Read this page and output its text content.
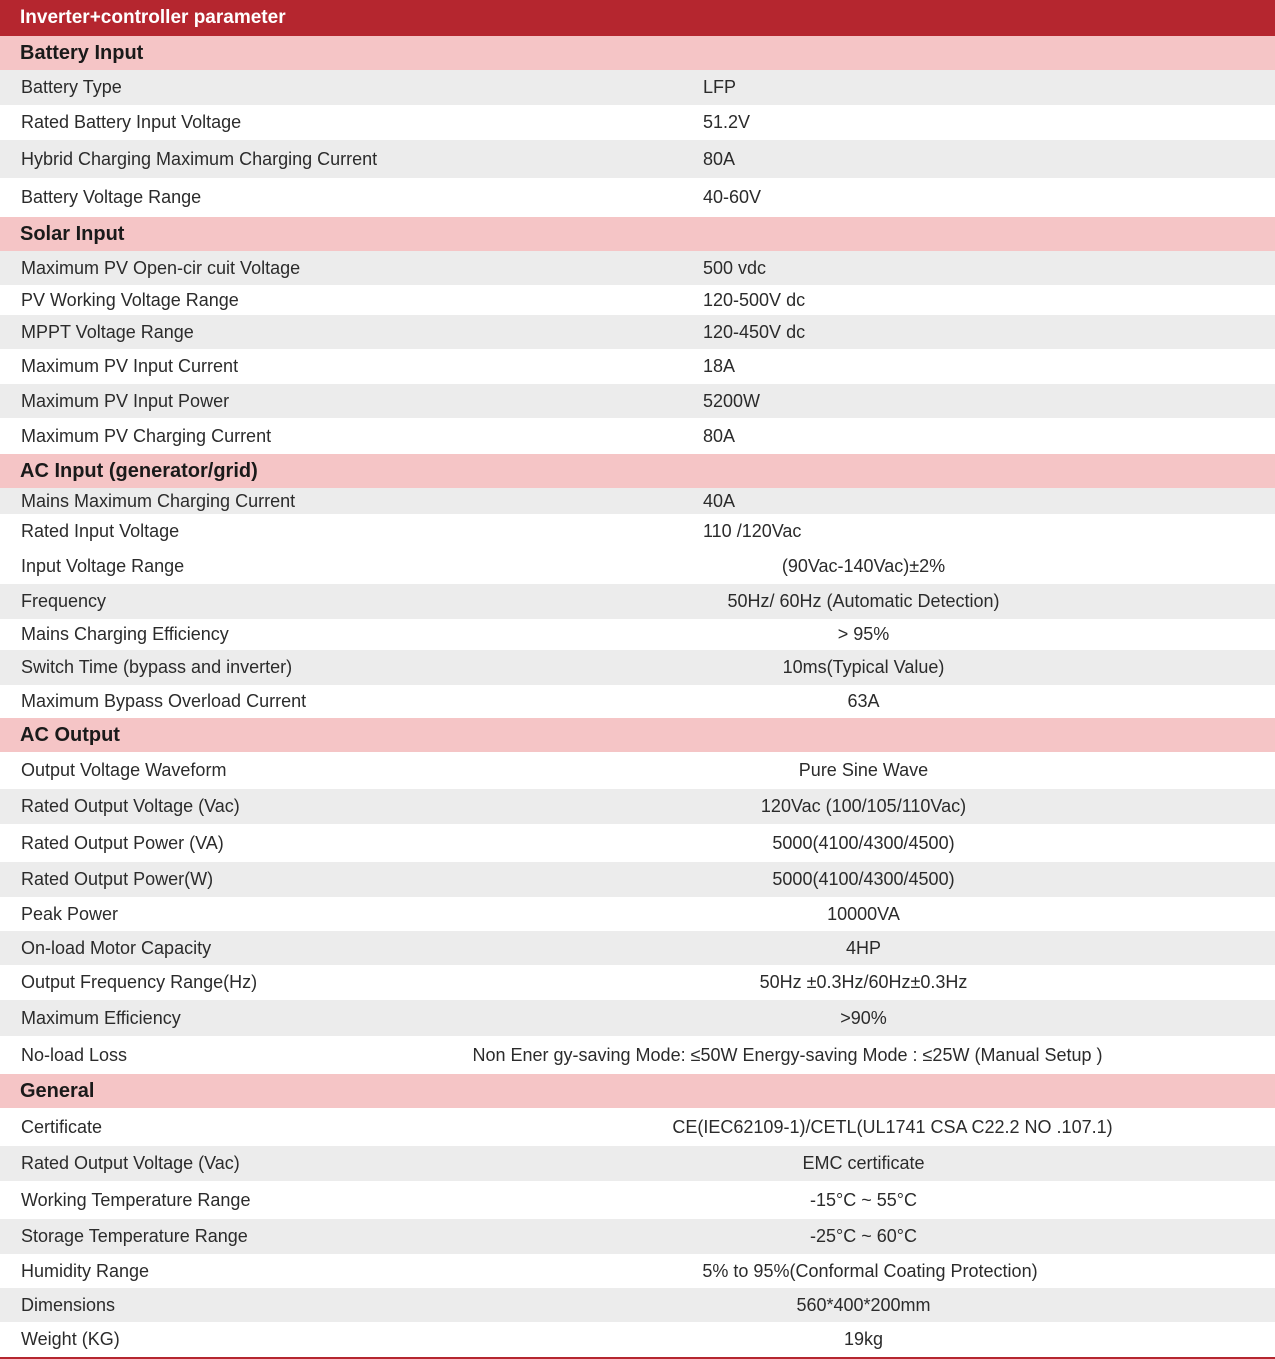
Inverter+controller parameter
Battery Input
Battery Type	LFP
Rated Battery Input Voltage	51.2V
Hybrid Charging Maximum Charging Current	80A
Battery Voltage Range	40-60V
Solar Input
Maximum PV Open-cir cuit Voltage	500 vdc
PV Working Voltage Range	120-500V dc
MPPT Voltage Range	120-450V dc
Maximum PV Input Current	18A
Maximum PV Input Power	5200W
Maximum PV Charging Current	80A
AC Input (generator/grid)
Mains Maximum Charging Current	40A
Rated Input Voltage	110 /120Vac
Input Voltage Range	(90Vac-140Vac)±2%
Frequency	50Hz/ 60Hz (Automatic Detection)
Mains Charging Efficiency	> 95%
Switch Time (bypass and inverter)	10ms(Typical Value)
Maximum Bypass Overload Current	63A
AC Output
Output Voltage Waveform	Pure Sine Wave
Rated Output Voltage (Vac)	120Vac (100/105/110Vac)
Rated Output Power (VA)	5000(4100/4300/4500)
Rated Output Power(W)	5000(4100/4300/4500)
Peak Power	10000VA
On-load Motor Capacity	4HP
Output Frequency Range(Hz)	50Hz ±0.3Hz/60Hz±0.3Hz
Maximum Efficiency	>90%
No-load Loss	Non Ener gy-saving Mode: ≤50W Energy-saving Mode : ≤25W (Manual Setup )
General
Certificate	CE(IEC62109-1)/CETL(UL1741 CSA C22.2 NO .107.1)
Rated Output Voltage (Vac)	EMC certificate
Working Temperature Range	-15°C ~ 55°C
Storage Temperature Range	-25°C ~ 60°C
Humidity Range	5% to 95%(Conformal Coating Protection)
Dimensions	560*400*200mm
Weight (KG)	19kg
